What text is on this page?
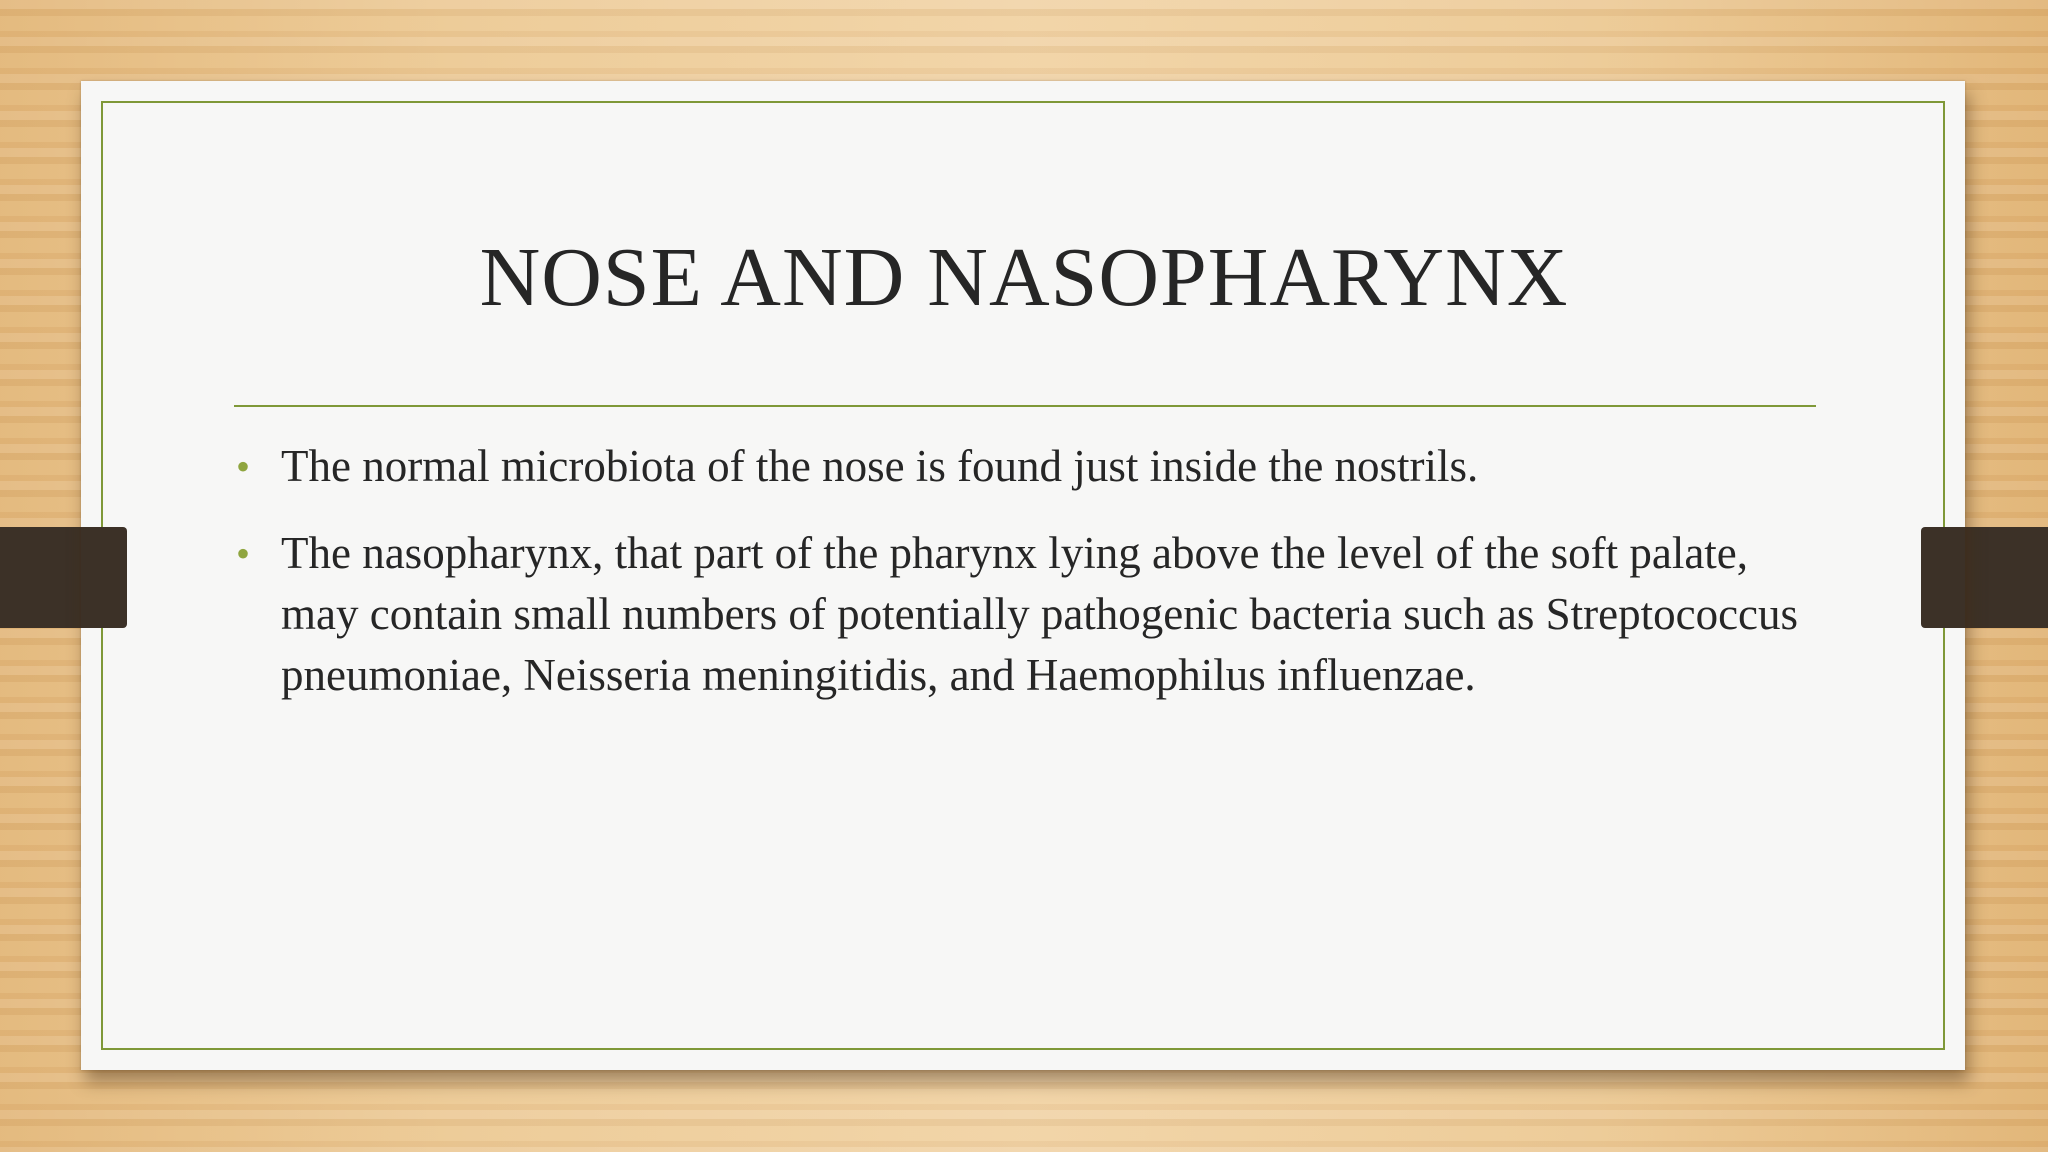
NOSE AND NASOPHARYNX
• The normal microbiota of the nose is found just inside the nostrils.
• The nasopharynx, that part of the pharynx lying above the level of the soft palate, may contain small numbers of potentially pathogenic bacteria such as Streptococcus pneumoniae, Neisseria meningitidis, and Haemophilus influenzae.
